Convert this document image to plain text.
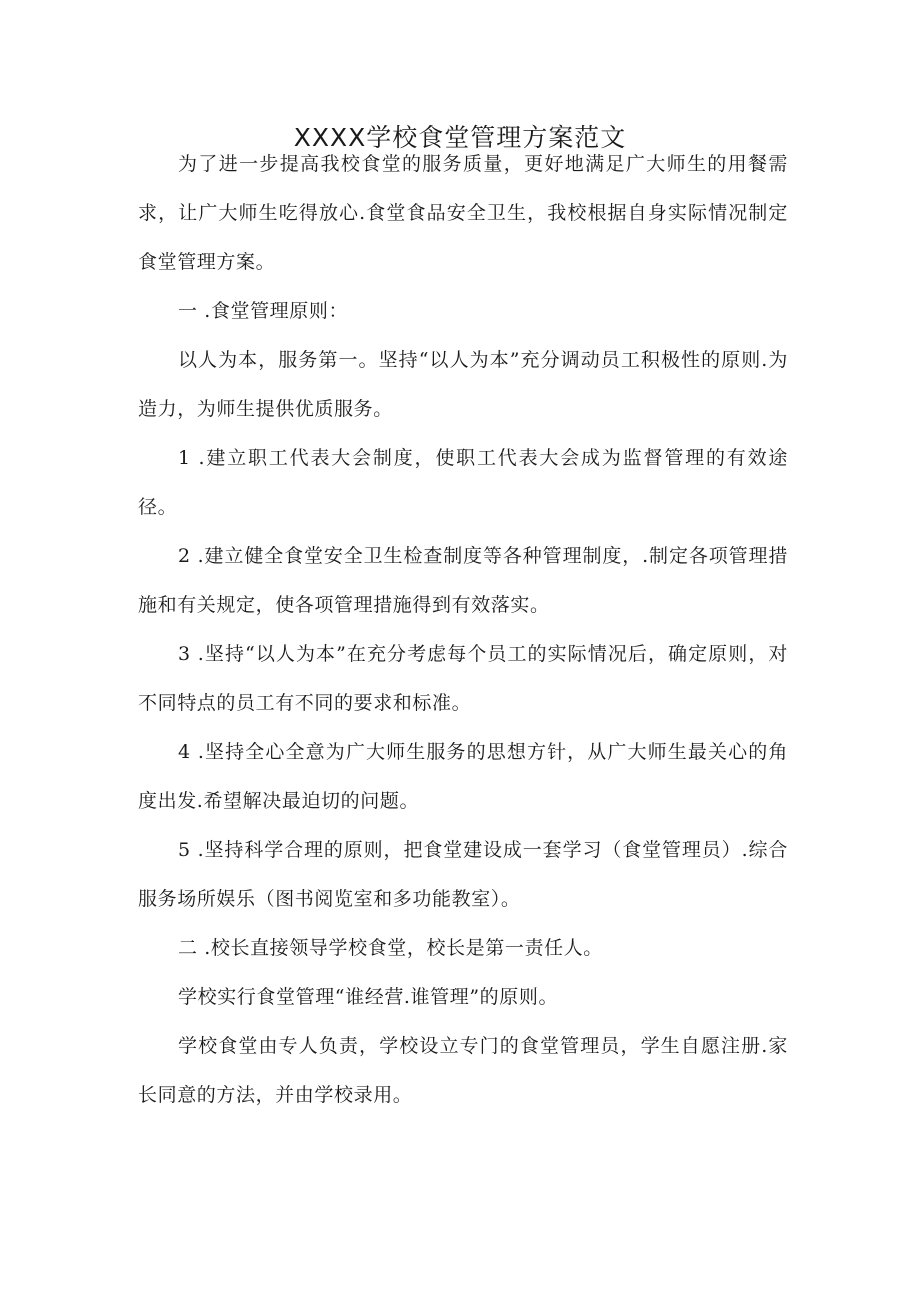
XXXX学校食堂管理方案范文

为了进一步提高我校食堂的服务质量，更好地满足广大师生的用餐需求，让广大师生吃得放心.食堂食品安全卫生，我校根据自身实际情况制定食堂管理方案。

一 .食堂管理原则：

以人为本，服务第一。坚持“以人为本”充分调动员工积极性的原则.为造力，为师生提供优质服务。

1 .建立职工代表大会制度，使职工代表大会成为监督管理的有效途径。

2 .建立健全食堂安全卫生检查制度等各种管理制度，.制定各项管理措施和有关规定，使各项管理措施得到有效落实。

3 .坚持“以人为本”在充分考虑每个员工的实际情况后，确定原则，对不同特点的员工有不同的要求和标准。

4 .坚持全心全意为广大师生服务的思想方针，从广大师生最关心的角度出发.希望解决最迫切的问题。

5 .坚持科学合理的原则，把食堂建设成一套学习（食堂管理员）.综合服务场所娱乐（图书阅览室和多功能教室）。

二 .校长直接领导学校食堂，校长是第一责任人。

学校实行食堂管理“谁经营.谁管理”的原则。

学校食堂由专人负责，学校设立专门的食堂管理员，学生自愿注册.家长同意的方法，并由学校录用。
